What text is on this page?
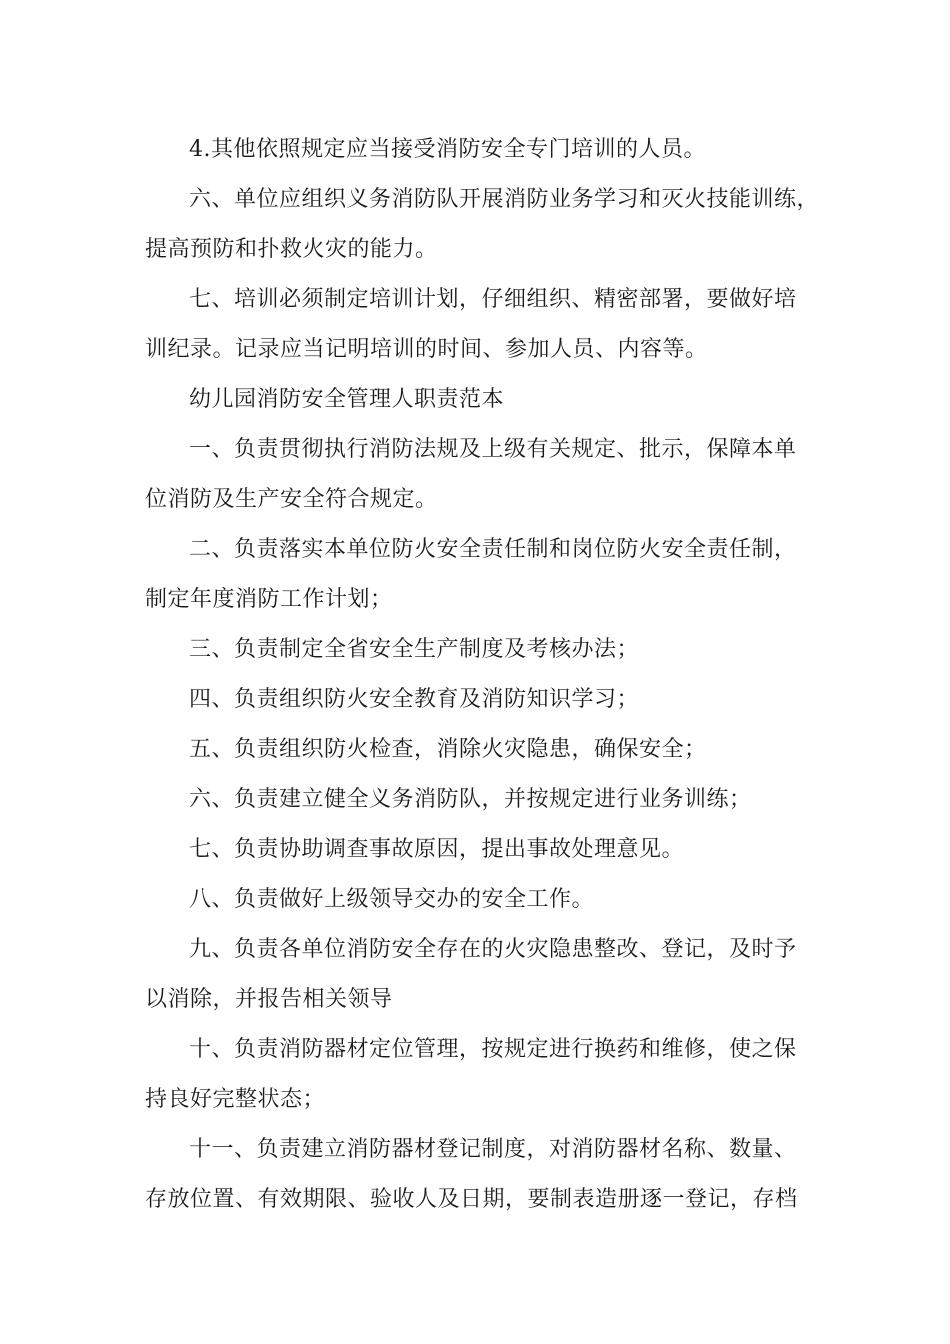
4.其他依照规定应当接受消防安全专门培训的人员。
六、单位应组织义务消防队开展消防业务学习和灭火技能训练，
提高预防和扑救火灾的能力。
七、培训必须制定培训计划，仔细组织、精密部署，要做好培
训纪录。记录应当记明培训的时间、参加人员、内容等。
幼儿园消防安全管理人职责范本
一、负责贯彻执行消防法规及上级有关规定、批示，保障本单
位消防及生产安全符合规定。
二、负责落实本单位防火安全责任制和岗位防火安全责任制，
制定年度消防工作计划；
三、负责制定全省安全生产制度及考核办法；
四、负责组织防火安全教育及消防知识学习；
五、负责组织防火检查，消除火灾隐患，确保安全；
六、负责建立健全义务消防队，并按规定进行业务训练；
七、负责协助调查事故原因，提出事故处理意见。
八、负责做好上级领导交办的安全工作。
九、负责各单位消防安全存在的火灾隐患整改、登记，及时予
以消除，并报告相关领导
十、负责消防器材定位管理，按规定进行换药和维修，使之保
持良好完整状态；
十一、负责建立消防器材登记制度，对消防器材名称、数量、
存放位置、有效期限、验收人及日期，要制表造册逐一登记，存档
